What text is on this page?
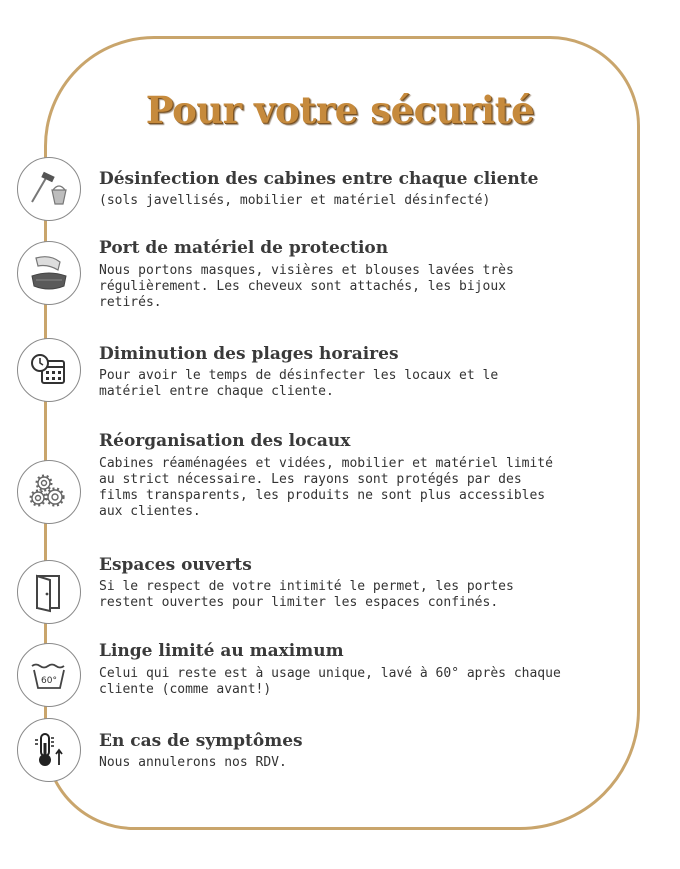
Pour votre sécurité
Désinfection des cabines entre chaque cliente
(sols javellisés, mobilier et matériel désinfecté)
Port de matériel de protection
Nous portons masques, visières et blouses lavées très
régulièrement. Les cheveux sont attachés, les bijoux
retirés.
Diminution des plages horaires
Pour avoir le temps de désinfecter les locaux et le
matériel entre chaque cliente.
Réorganisation des locaux
Cabines réaménagées et vidées, mobilier et matériel limité
au strict nécessaire. Les rayons sont protégés par des
films transparents, les produits ne sont plus accessibles
aux clientes.
Espaces ouverts
Si le respect de votre intimité le permet, les portes
restent ouvertes pour limiter les espaces confinés.
60°
Linge limité au maximum
Celui qui reste est à usage unique, lavé à 60° après chaque
cliente (comme avant!)
En cas de symptômes
Nous annulerons nos RDV.
